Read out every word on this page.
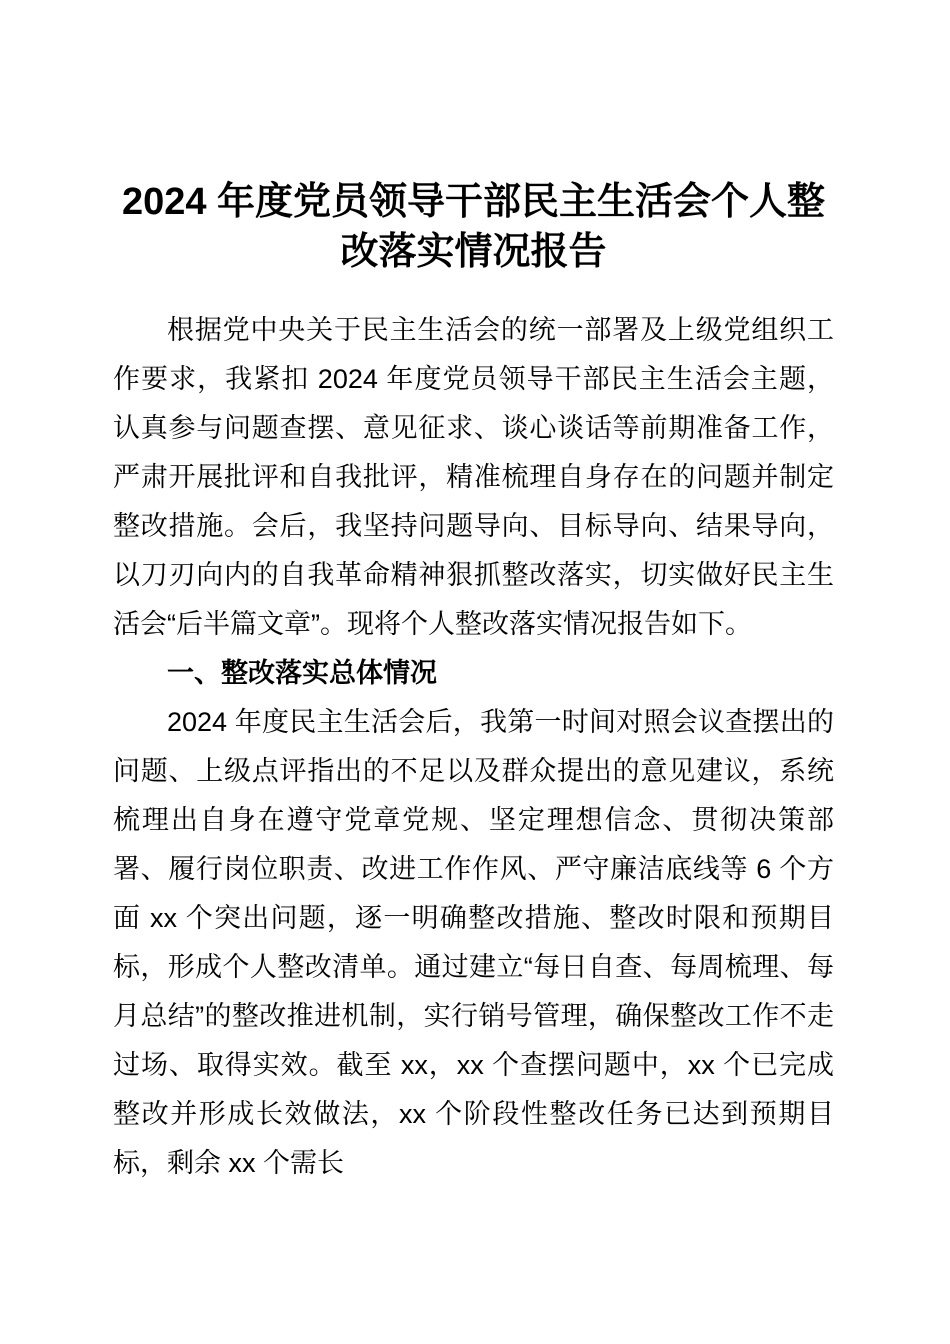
2024 年度党员领导干部民主生活会个人整改落实情况报告

根据党中央关于民主生活会的统一部署及上级党组织工作要求，我紧扣 2024 年度党员领导干部民主生活会主题，认真参与问题查摆、意见征求、谈心谈话等前期准备工作，严肃开展批评和自我批评，精准梳理自身存在的问题并制定整改措施。会后，我坚持问题导向、目标导向、结果导向，以刀刃向内的自我革命精神狠抓整改落实，切实做好民主生活会“后半篇文章”。现将个人整改落实情况报告如下。

一、整改落实总体情况

2024 年度民主生活会后，我第一时间对照会议查摆出的问题、上级点评指出的不足以及群众提出的意见建议，系统梳理出自身在遵守党章党规、坚定理想信念、贯彻决策部署、履行岗位职责、改进工作作风、严守廉洁底线等 6 个方面 xx 个突出问题，逐一明确整改措施、整改时限和预期目标，形成个人整改清单。通过建立“每日自查、每周梳理、每月总结”的整改推进机制，实行销号管理，确保整改工作不走过场、取得实效。截至 xx，xx 个查摆问题中，xx 个已完成整改并形成长效做法，xx 个阶段性整改任务已达到预期目标，剩余 xx 个需长
